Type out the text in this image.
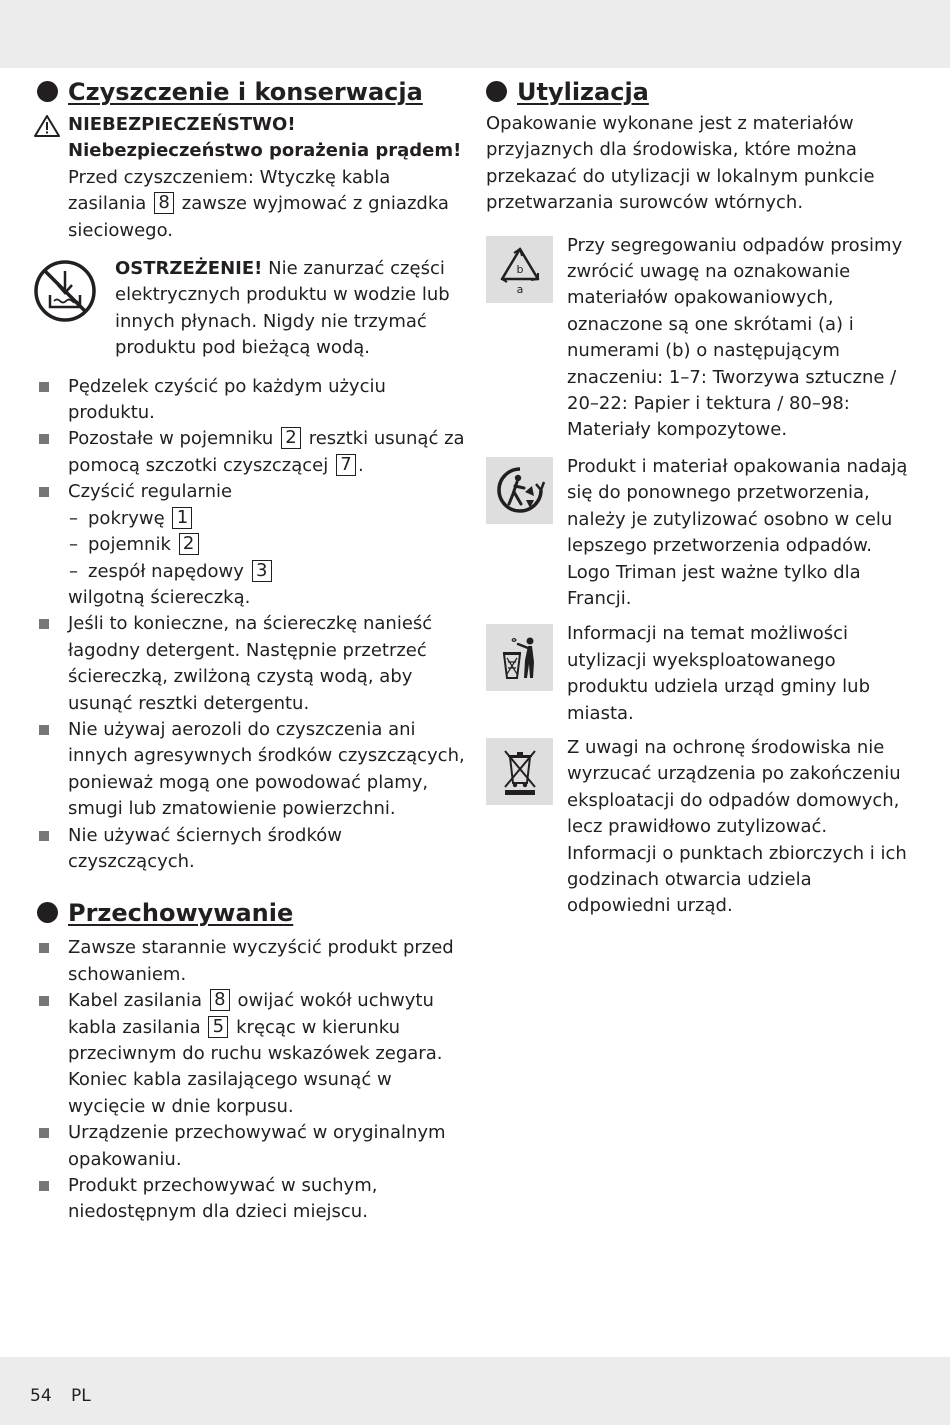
Czyszczenie i konserwacja
NIEBEZPIECZEŃSTWO!
Niebezpieczeństwo porażenia prądem! Przed czyszczeniem: Wtyczkę kabla zasilania 8 zawsze wyjmować z gniazdka sieciowego.
OSTRZEŻENIE! Nie zanurzać części elektrycznych produktu w wodzie lub innych płynach. Nigdy nie trzymać produktu pod bieżącą wodą.
Pędzelek czyścić po każdym użyciu produktu.
Pozostałe w pojemniku 2 resztki usunąć za pomocą szczotki czyszczącej 7 .
Czyścić regularnie
– pokrywę 1
– pojemnik 2
– zespół napędowy 3
wilgotną ściereczką.
Jeśli to konieczne, na ściereczkę nanieść łagodny detergent. Następnie przetrzeć ściereczką, zwilżoną czystą wodą, aby usunąć resztki detergentu.
Nie używaj aerozoli do czyszczenia ani innych agresywnych środków czyszczących, ponieważ mogą one powodować plamy, smugi lub zmatowienie powierzchni.
Nie używać ściernych środków czyszczących.
Przechowywanie
Zawsze starannie wyczyścić produkt przed schowaniem.
Kabel zasilania 8 owijać wokół uchwytu kabla zasilania 5 kręcąc w kierunku przeciwnym do ruchu wskazówek zegara. Koniec kabla zasilającego wsunąć w wycięcie w dnie korpusu.
Urządzenie przechowywać w oryginalnym opakowaniu.
Produkt przechowywać w suchym, niedostępnym dla dzieci miejscu.
Utylizacja

Opakowanie wykonane jest z materiałów przyjaznych dla środowiska, które można przekazać do utylizacji w lokalnym punkcie przetwarzania surowców wtórnych.

b
a

Przy segregowaniu odpadów prosimy zwrócić uwagę na oznakowanie materiałów opakowaniowych, oznaczone są one skrótami (a) i numerami (b) o następującym znaczeniu: 1–7: Tworzywa sztuczne / 20–22: Papier i tektura / 80–98: Materiały kompozytowe.

Produkt i materiał opakowania nadają się do ponownego przetworzenia, należy je zutylizować osobno w celu lepszego przetworzenia odpadów. Logo Triman jest ważne tylko dla Francji.

Informacji na temat możliwości utylizacji wyeksploatowanego produktu udziela urząd gminy lub miasta.

Z uwagi na ochronę środowiska nie wyrzucać urządzenia po zakończeniu eksploatacji do odpadów domowych, lecz prawidłowo zutylizować. Informacji o punktach zbiorczych i ich godzinach otwarcia udziela odpowiedni urząd.

54 PL
